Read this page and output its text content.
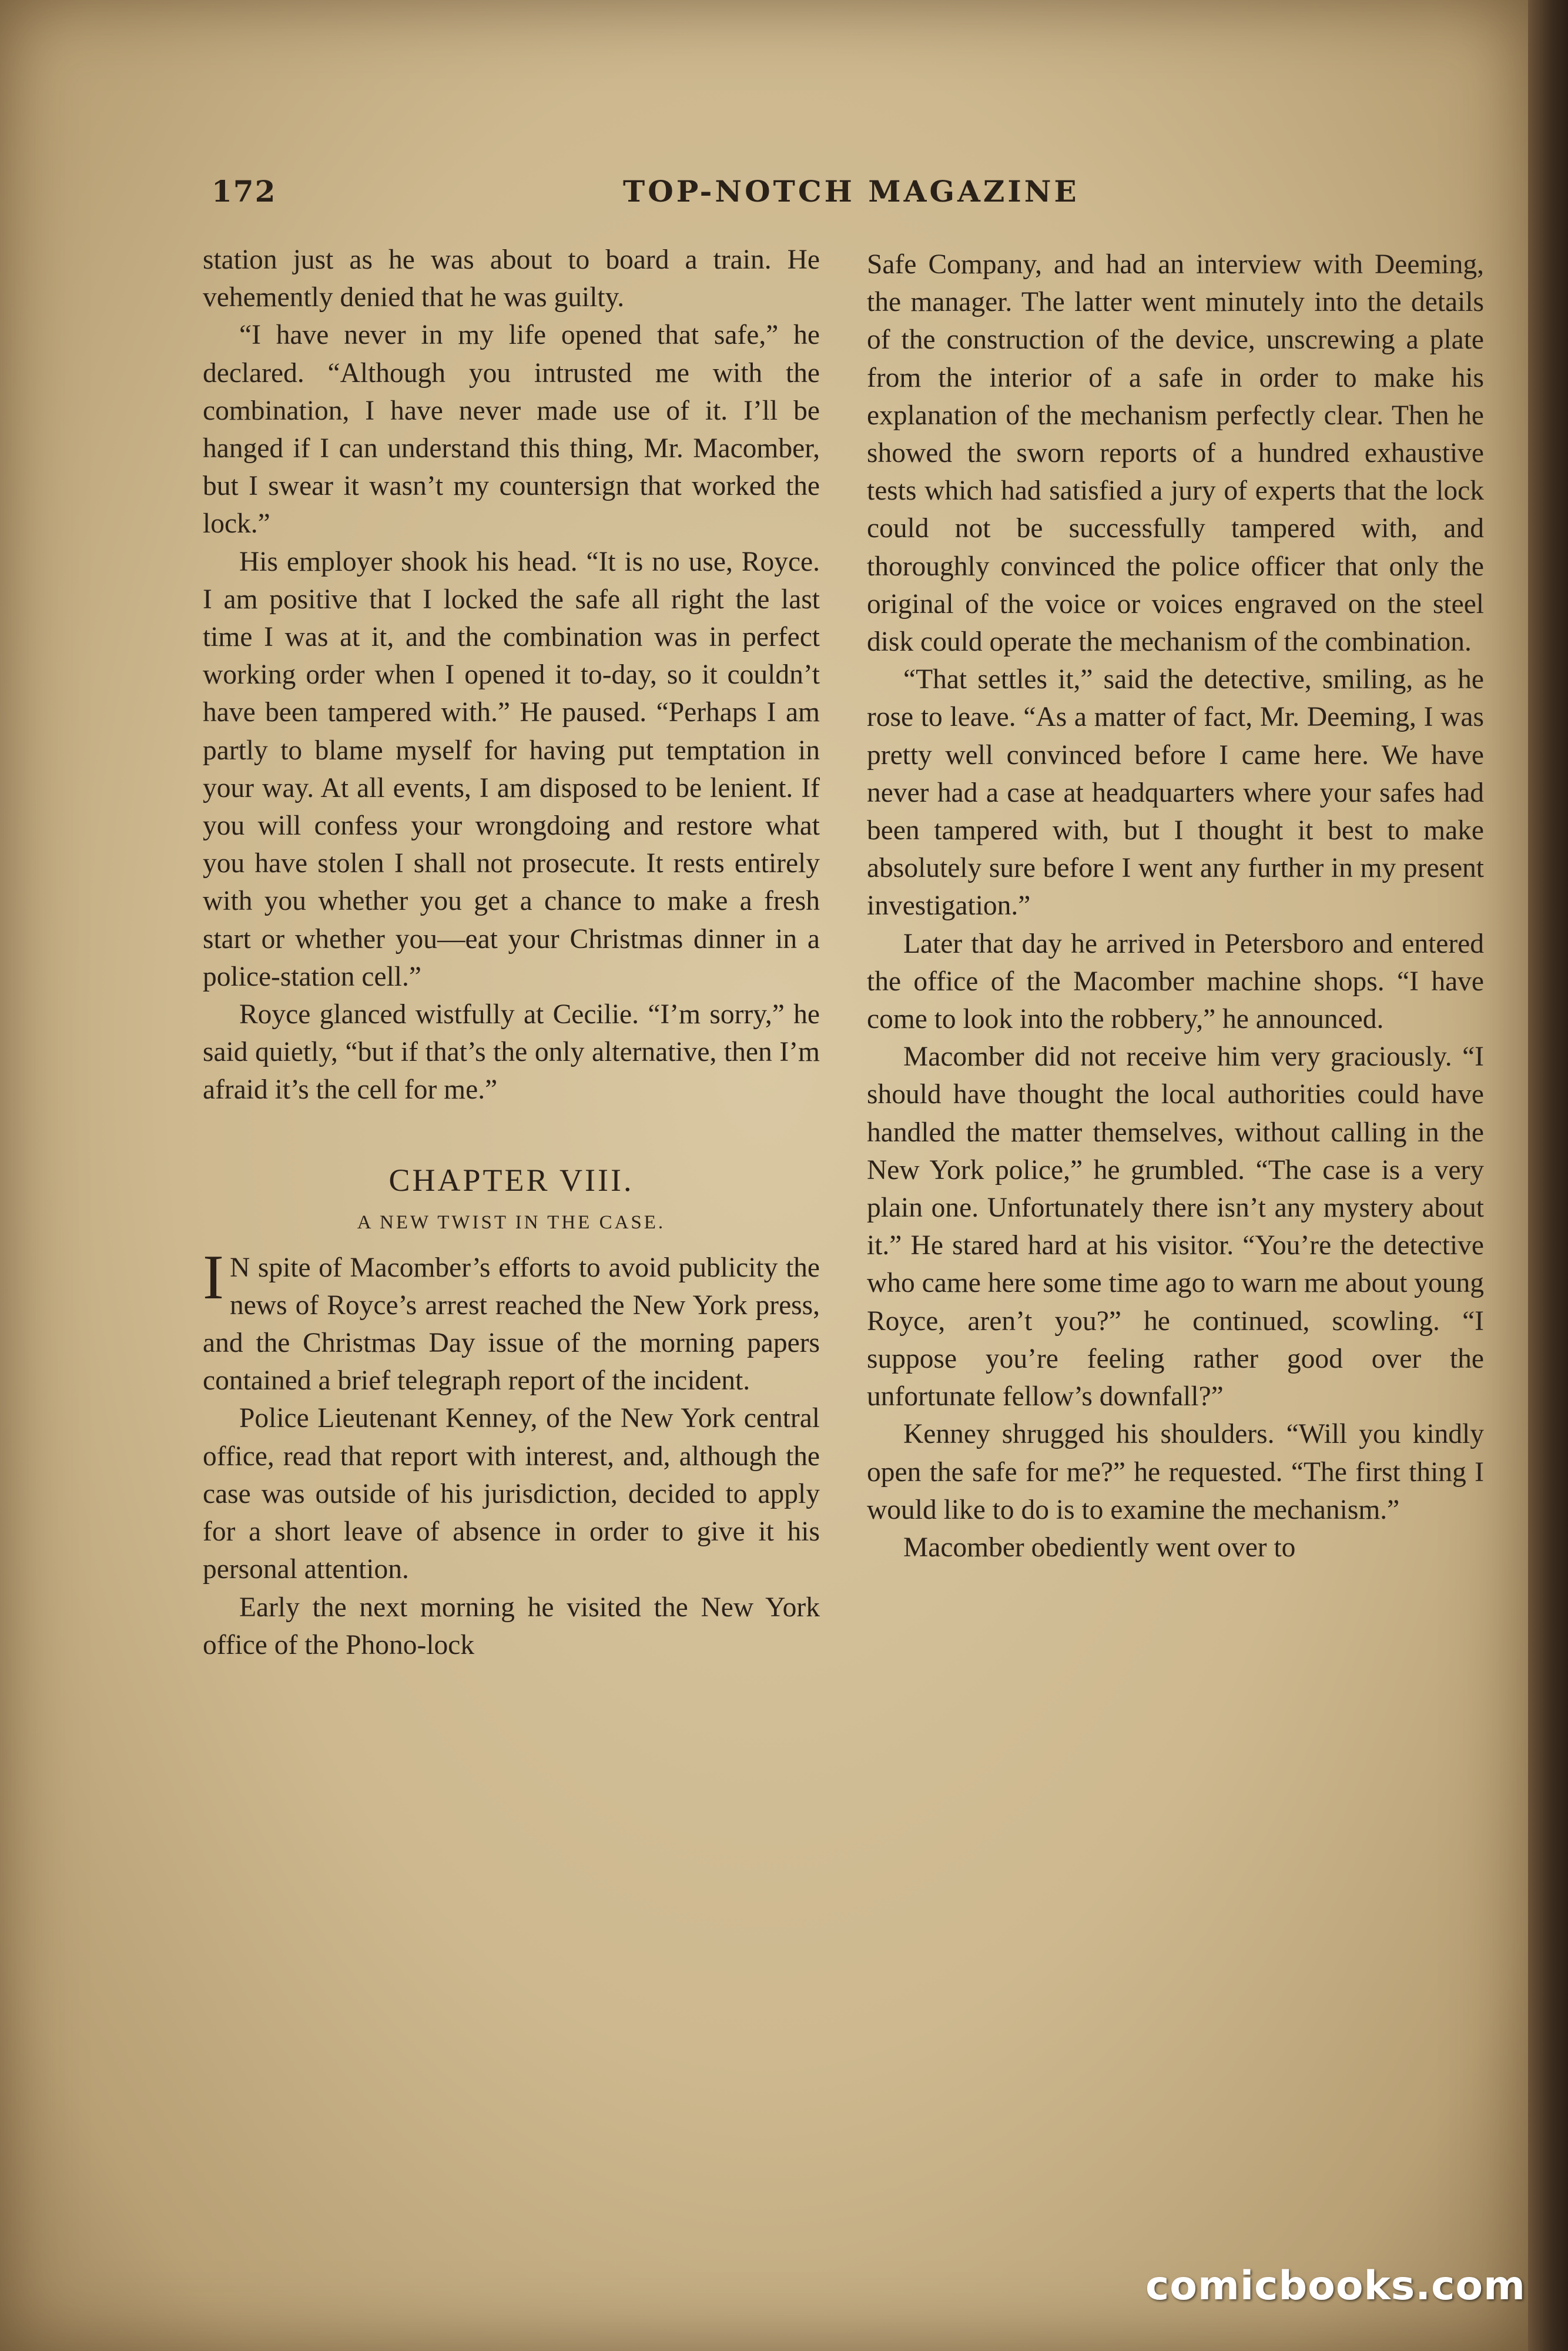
172	TOP-NOTCH MAGAZINE

station just as he was about to board a train. He vehemently denied that he was guilty.

“I have never in my life opened that safe,” he declared. “Although you intrusted me with the combination, I have never made use of it. I’ll be hanged if I can understand this thing, Mr. Macomber, but I swear it wasn’t my countersign that worked the lock.”

His employer shook his head. “It is no use, Royce. I am positive that I locked the safe all right the last time I was at it, and the combination was in perfect working order when I opened it to-day, so it couldn’t have been tampered with.” He paused. “Perhaps I am partly to blame myself for having put temptation in your way. At all events, I am disposed to be lenient. If you will confess your wrongdoing and restore what you have stolen I shall not prosecute. It rests entirely with you whether you get a chance to make a fresh start or whether you—eat your Christmas dinner in a police-station cell.”

Royce glanced wistfully at Cecilie. “I’m sorry,” he said quietly, “but if that’s the only alternative, then I’m afraid it’s the cell for me.”

CHAPTER VIII.
A NEW TWIST IN THE CASE.

I N spite of Macomber’s efforts to avoid publicity the news of Royce’s arrest reached the New York press, and the Christmas Day issue of the morning papers contained a brief telegraph report of the incident.

Police Lieutenant Kenney, of the New York central office, read that report with interest, and, although the case was outside of his jurisdiction, decided to apply for a short leave of absence in order to give it his personal attention.

Early the next morning he visited the New York office of the Phono-lock

Safe Company, and had an interview with Deeming, the manager. The latter went minutely into the details of the construction of the device, unscrewing a plate from the interior of a safe in order to make his explanation of the mechanism perfectly clear. Then he showed the sworn reports of a hundred exhaustive tests which had satisfied a jury of experts that the lock could not be successfully tampered with, and thoroughly convinced the police officer that only the original of the voice or voices engraved on the steel disk could operate the mechanism of the combination.

“That settles it,” said the detective, smiling, as he rose to leave. “As a matter of fact, Mr. Deeming, I was pretty well convinced before I came here. We have never had a case at headquarters where your safes had been tampered with, but I thought it best to make absolutely sure before I went any further in my present investigation.”

Later that day he arrived in Petersboro and entered the office of the Macomber machine shops. “I have come to look into the robbery,” he announced.

Macomber did not receive him very graciously. “I should have thought the local authorities could have handled the matter themselves, without calling in the New York police,” he grumbled. “The case is a very plain one. Unfortunately there isn’t any mystery about it.” He stared hard at his visitor. “You’re the detective who came here some time ago to warn me about young Royce, aren’t you?” he continued, scowling. “I suppose you’re feeling rather good over the unfortunate fellow’s downfall?”

Kenney shrugged his shoulders. “Will you kindly open the safe for me?” he requested. “The first thing I would like to do is to examine the mechanism.”

Macomber obediently went over to

comicbooks.com
